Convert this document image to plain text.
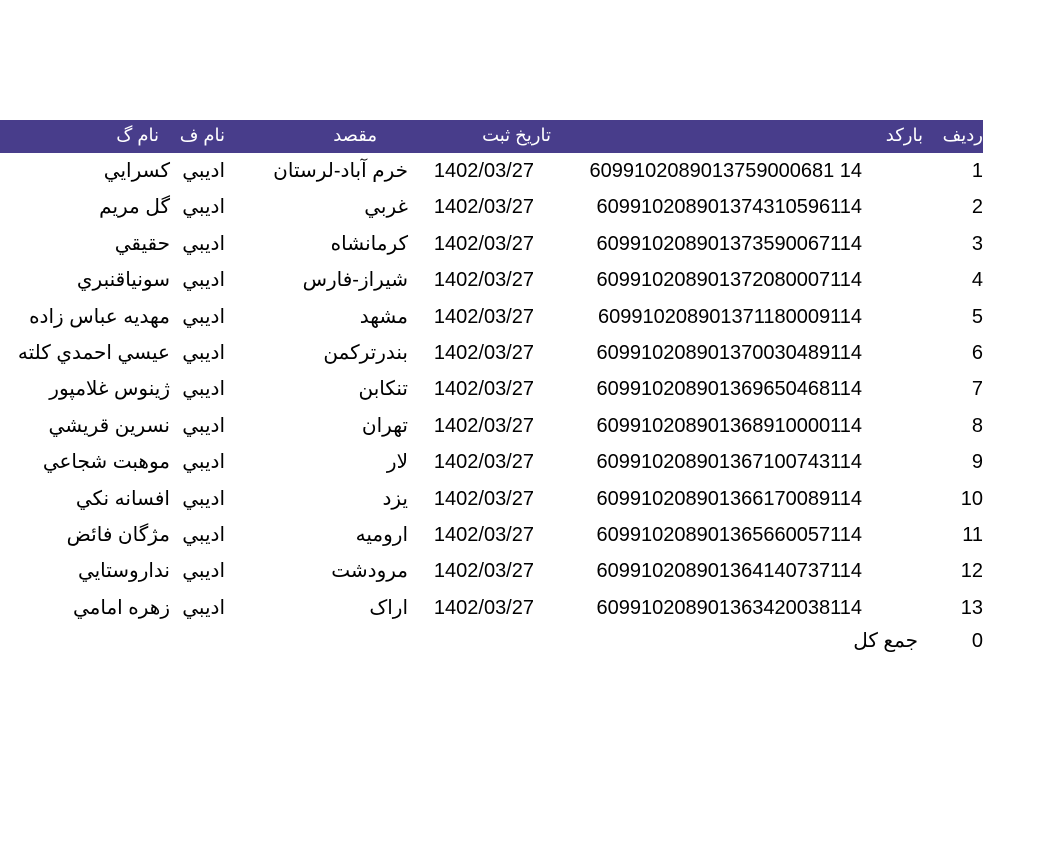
ردیف
بارکد
تاریخ ثبت
مقصد
نام ف
نام گ
1
6099102089013759000681 14
1402/03/27
خرم آباد-لرستان
اديبي
كسرايي
2
609910208901374310596114
1402/03/27
غربي
اديبي
گل مريم
3
609910208901373590067114
1402/03/27
كرمانشاه
اديبي
حقيقي
4
609910208901372080007114
1402/03/27
شيراز-فارس
اديبي
سونياقنبري
5
609910208901371180009114
1402/03/27
مشهد
اديبي
مهديه عباس زاده
6
609910208901370030489114
1402/03/27
بندرتركمن
اديبي
عيسي احمدي كلته
7
609910208901369650468114
1402/03/27
تنكابن
اديبي
ژينوس غلامپور
8
609910208901368910000114
1402/03/27
تهران
اديبي
نسرين قريشي
9
609910208901367100743114
1402/03/27
لار
اديبي
موهبت شجاعي
10
609910208901366170089114
1402/03/27
يزد
اديبي
افسانه نكي
11
609910208901365660057114
1402/03/27
اروميه
اديبي
مژگان فائض
12
609910208901364140737114
1402/03/27
مرودشت
اديبي
نداروستايي
13
609910208901363420038114
1402/03/27
اراک
اديبي
زهره امامي
0
جمع كل
